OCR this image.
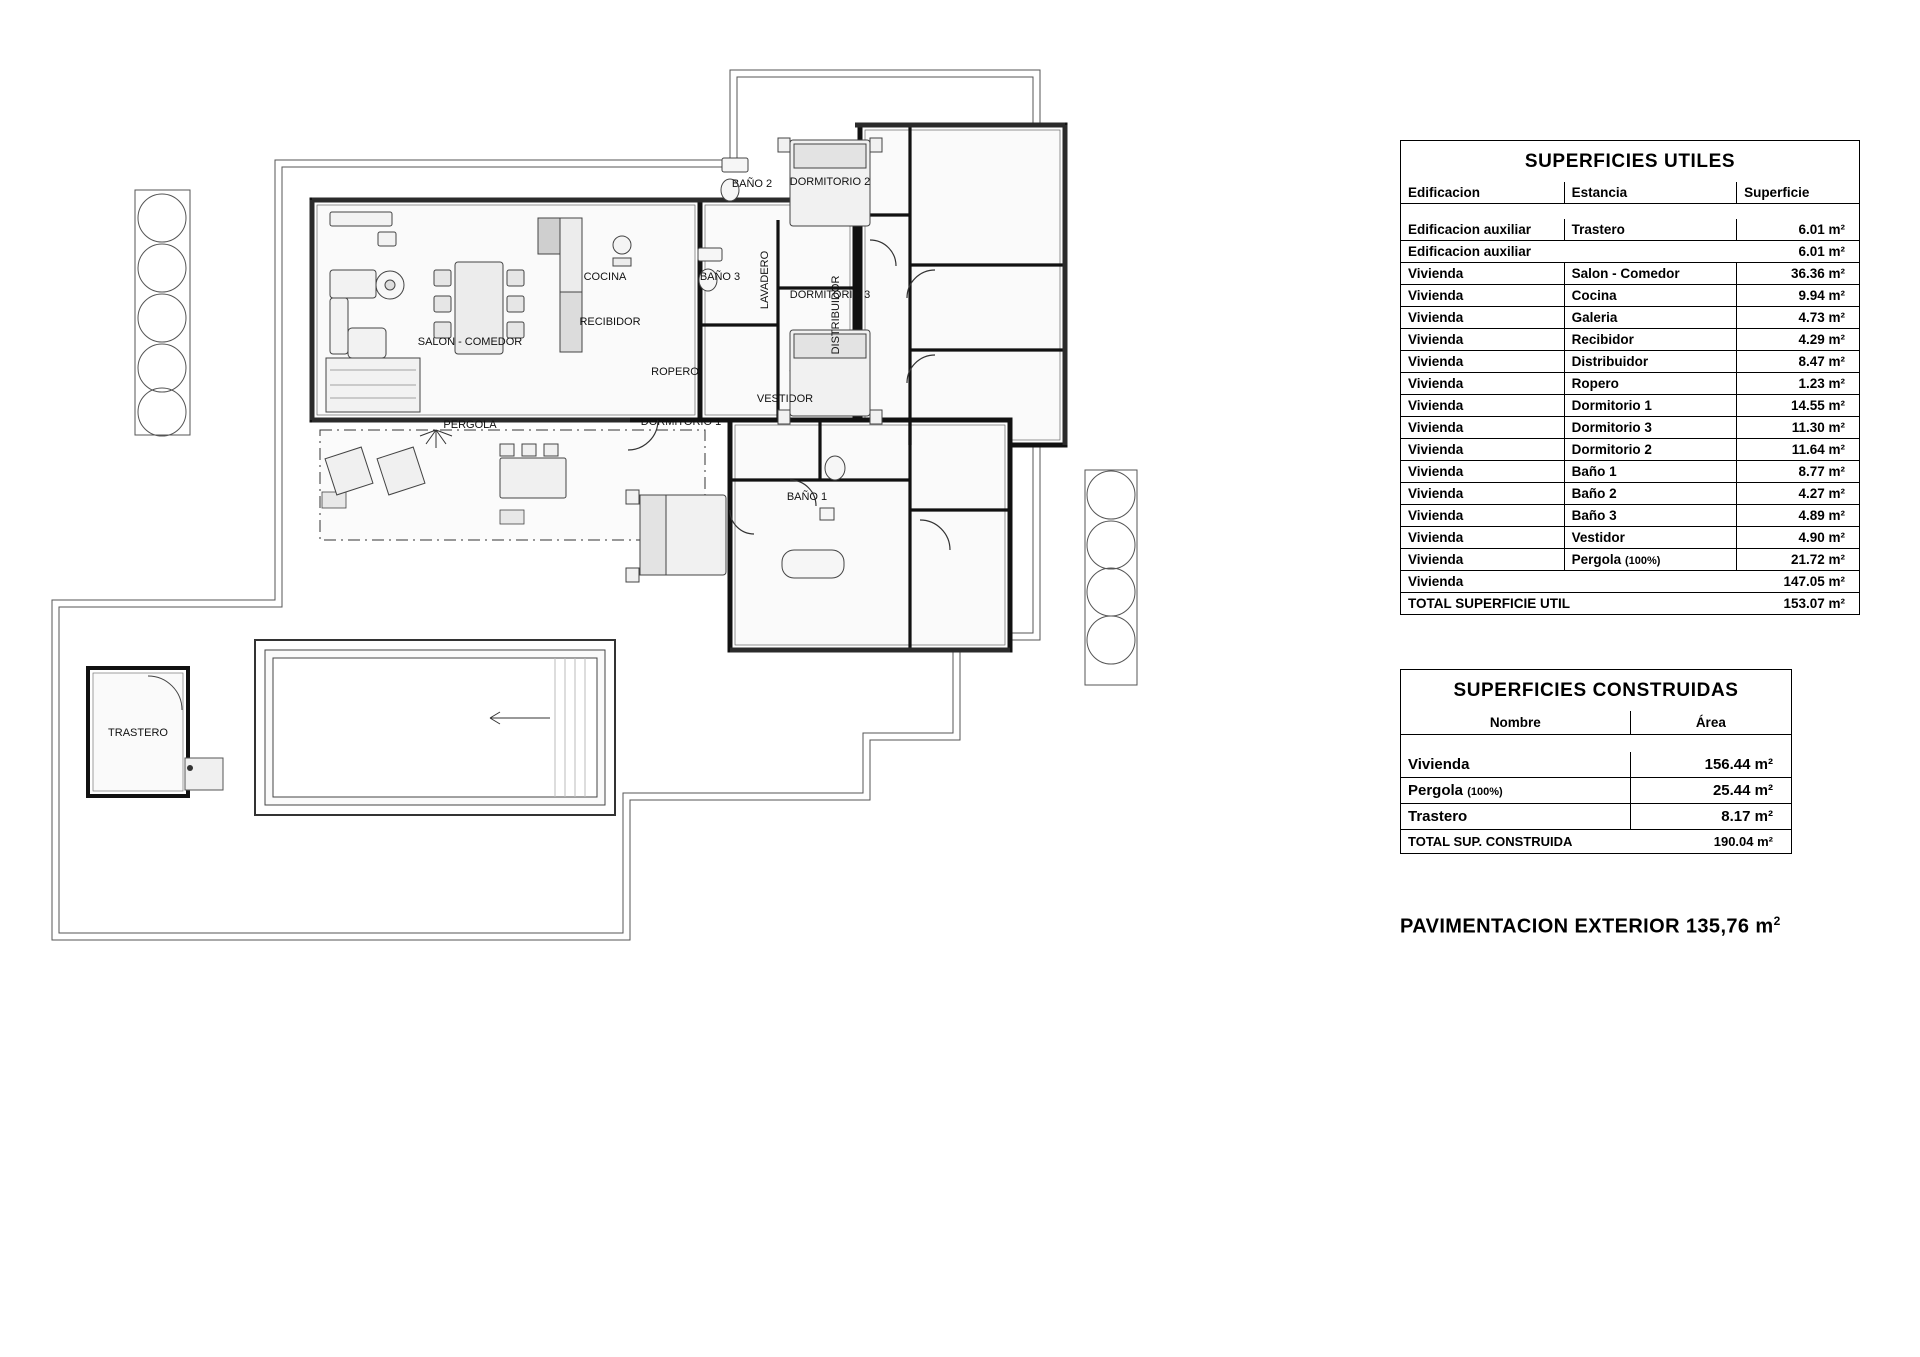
SALON - COMEDOR
COCINA	LAVADERO
BAÑO 3
BAÑO 2
BAÑO 1
DISTRIBUIDOR
DORMITORIO 1
DORMITORIO 2
DORMITORIO 3
RECIBIDOR
ROPERO
VESTIDOR
PERGOLA
TRASTERO
SUPERFICIES UTILES
Edificacion	Estancia	Superficie

Edificacion auxiliar	Trastero	6.01 m²
Edificacion auxiliar		6.01 m²
Vivienda	Salon - Comedor	36.36 m²
Vivienda	Cocina	9.94 m²
Vivienda	Galeria	4.73 m²
Vivienda	Recibidor	4.29 m²
Vivienda	Distribuidor	8.47 m²
Vivienda	Ropero	1.23 m²
Vivienda	Dormitorio 1	14.55 m²
Vivienda	Dormitorio 3	11.30 m²
Vivienda	Dormitorio 2	11.64 m²
Vivienda	Baño 1	8.77 m²
Vivienda	Baño 2	4.27 m²
Vivienda	Baño 3	4.89 m²
Vivienda	Vestidor	4.90 m²
Vivienda	Pergola (100%)	21.72 m²
Vivienda		147.05 m²
TOTAL SUPERFICIE UTIL		153.07 m²
SUPERFICIES CONSTRUIDAS
Nombre	Área

Vivienda	156.44 m²
Pergola (100%)	25.44 m²
Trastero	8.17 m²
TOTAL SUP. CONSTRUIDA	190.04 m²
PAVIMENTACION EXTERIOR 135,76 $m^2$
